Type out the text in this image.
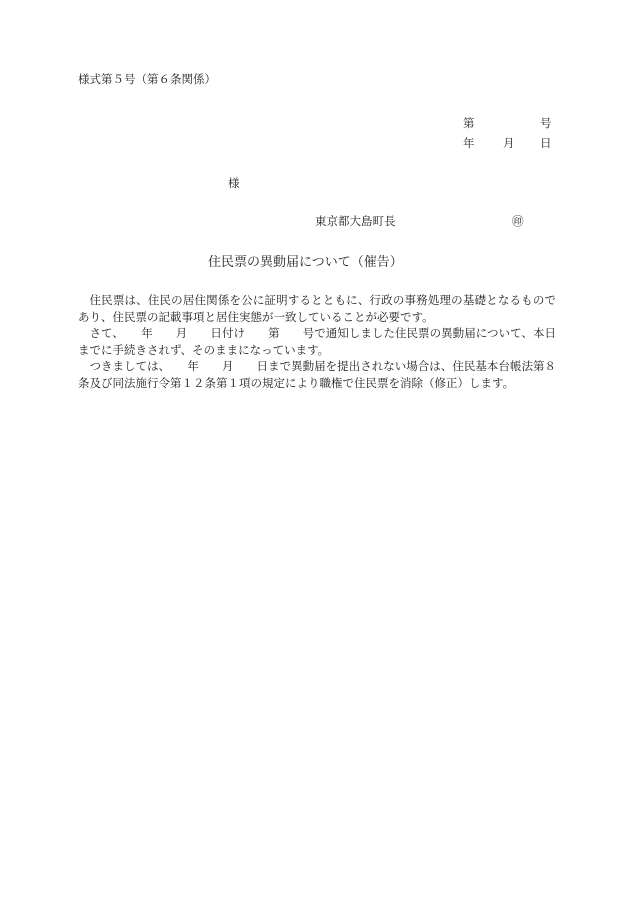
様式第５号（第６条関係）
第	号
年 月 日
様
東京都大島町長	㊞
住民票の異動届について（催告）

住民票は、住民の居住関係を公に証明するとともに、行政の事務処理の基礎となるものであり、住民票の記載事項と居住実態が一致していることが必要です。

さて、　　年　　月　　日付け　　第　　号で通知しました住民票の異動届について、本日までに手続きされず、そのままになっています。

つきましては、　　年　　月　　日まで異動届を提出されない場合は、住民基本台帳法第８条及び同法施行令第１２条第１項の規定により職権で住民票を消除（修正）します。
